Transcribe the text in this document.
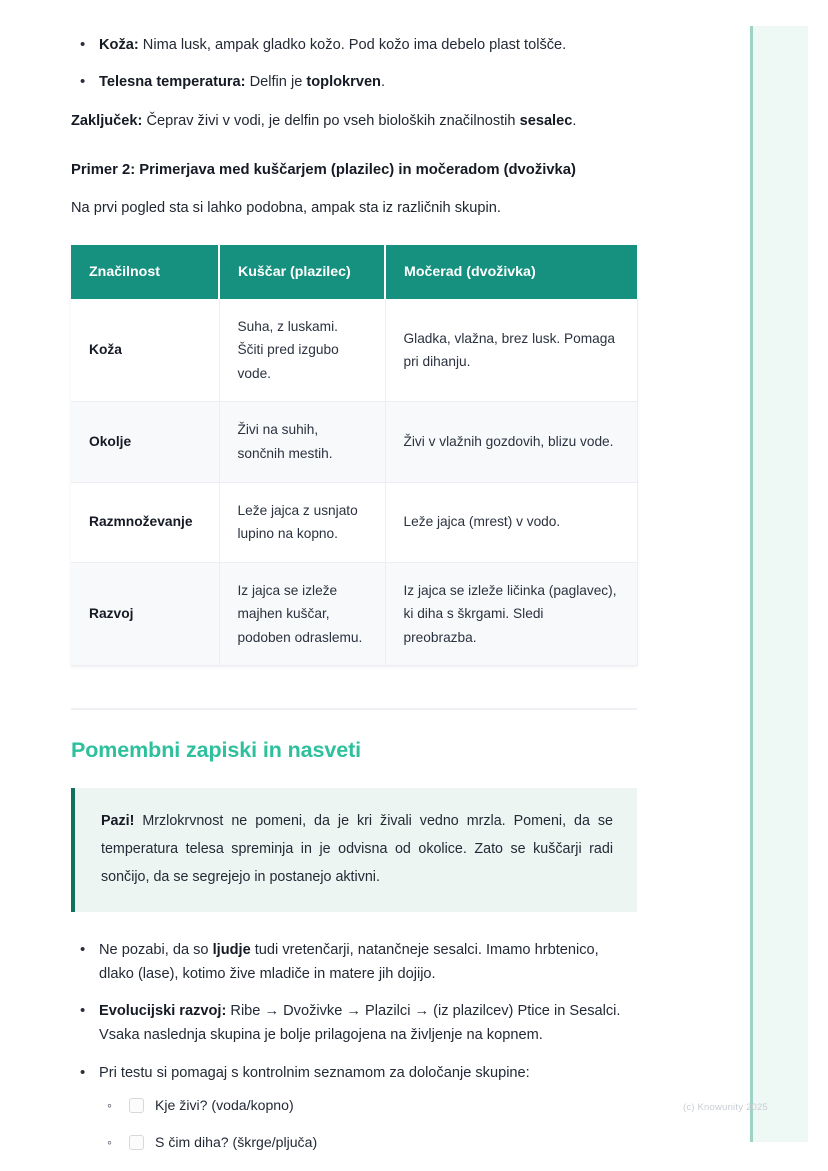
• Koža: Nima lusk, ampak gladko kožo. Pod kožo ima debelo plast tolšče.
• Telesna temperatura: Delfin je toplokrven.

Zaključek: Čeprav živi v vodi, je delfin po vseh bioloških značilnostih sesalec.

Primer 2: Primerjava med kuščarjem (plazilec) in močeradom (dvoživka)

Na prvi pogled sta si lahko podobna, ampak sta iz različnih skupin.

Značilnost	Kuščar (plazilec)	Močerad (dvoživka)
Koža	Suha, z luskami. Ščiti pred izgubo vode.	Gladka, vlažna, brez lusk. Pomaga pri dihanju.
Okolje	Živi na suhih, sončnih mestih.	Živi v vlažnih gozdovih, blizu vode.
Razmnoževanje	Leže jajca z usnjato lupino na kopno.	Leže jajca (mrest) v vodo.
Razvoj	Iz jajca se izleže majhen kuščar, podoben odraslemu.	Iz jajca se izleže ličinka (paglavec), ki diha s škrgami. Sledi preobrazba.
Pomembni zapiski in nasveti

Pazi! Mrzlokrvnost ne pomeni, da je kri živali vedno mrzla. Pomeni, da se temperatura telesa spreminja in je odvisna od okolice. Zato se kuščarji radi sončijo, da se segrejejo in postanejo aktivni.

• Ne pozabi, da so ljudje tudi vretenčarji, natančneje sesalci. Imamo hrbtenico, dlako (lase), kotimo žive mladiče in matere jih dojijo.
• Evolucijski razvoj: Ribe → Dvoživke → Plazilci → (iz plazilcev) Ptice in Sesalci. Vsaka naslednja skupina je bolje prilagojena na življenje na kopnem.
• Pri testu si pomagaj s kontrolnim seznamom za določanje skupine:
◦ Kje živi? (voda/kopno)
◦ S čim diha? (škrge/pljuča)
(c) Knowunity 2025
